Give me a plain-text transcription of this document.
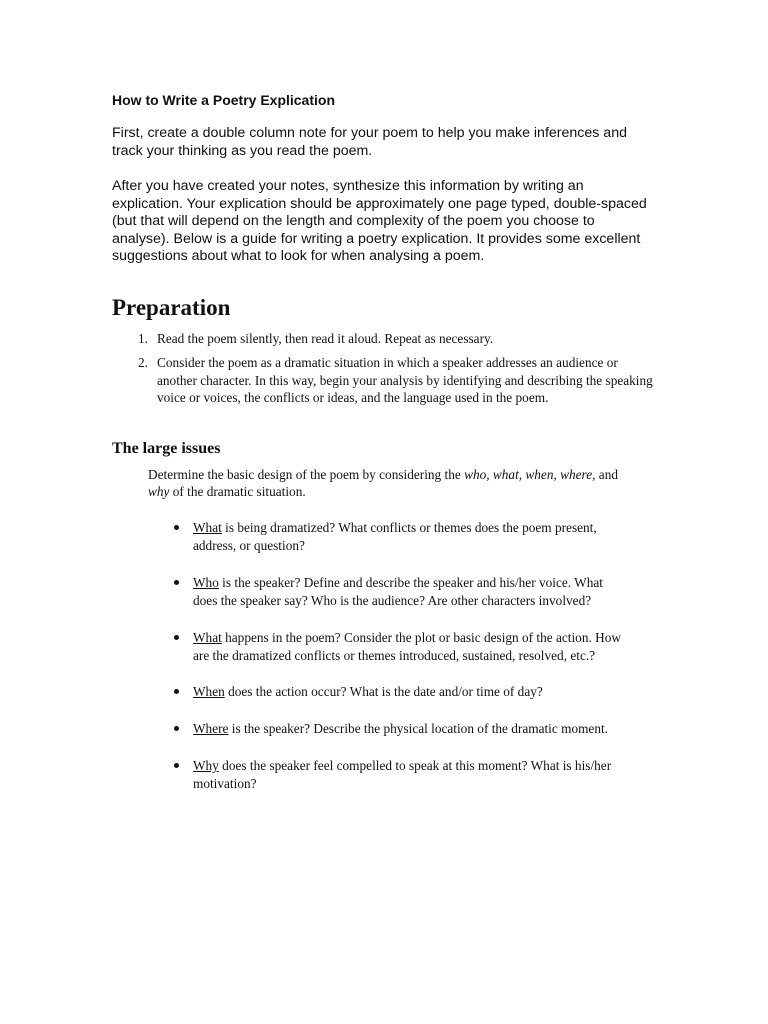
How to Write a Poetry Explication

First, create a double column note for your poem to help you make inferences and track your thinking as you read the poem.

After you have created your notes, synthesize this information by writing an explication. Your explication should be approximately one page typed, double-spaced (but that will depend on the length and complexity of the poem you choose to analyse). Below is a guide for writing a poetry explication. It provides some excellent suggestions about what to look for when analysing a poem.

Preparation
1. Read the poem silently, then read it aloud. Repeat as necessary.
2. Consider the poem as a dramatic situation in which a speaker addresses an audience or another character. In this way, begin your analysis by identifying and describing the speaking voice or voices, the conflicts or ideas, and the language used in the poem.
The large issues

Determine the basic design of the poem by considering the who, what, when, where, and why of the dramatic situation.

What is being dramatized? What conflicts or themes does the poem present, address, or question?
Who is the speaker? Define and describe the speaker and his/her voice. What does the speaker say? Who is the audience? Are other characters involved?
What happens in the poem? Consider the plot or basic design of the action. How are the dramatized conflicts or themes introduced, sustained, resolved, etc.?
When does the action occur? What is the date and/or time of day?
Where is the speaker? Describe the physical location of the dramatic moment.
Why does the speaker feel compelled to speak at this moment? What is his/her motivation?
